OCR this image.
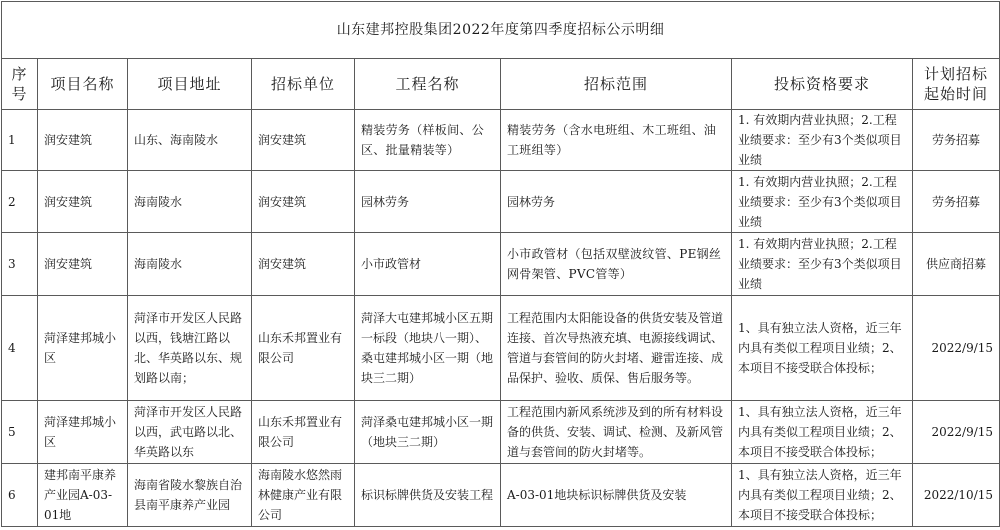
山东建邦控股集团2022年度第四季度招标公示明细							
序号	项目名称	项目地址	招标单位	工程名称	招标范围	投标资格要求	计划招标起始时间
1	润安建筑	山东、海南陵水	润安建筑	精装劳务（样板间、公区、批量精装等）	精装劳务（含水电班组、木工班组、油工班组等）	1. 有效期内营业执照；2.工程业绩要求：至少有3个类似项目业绩	劳务招募
2	润安建筑	海南陵水	润安建筑	园林劳务	园林劳务	1. 有效期内营业执照；2.工程业绩要求：至少有3个类似项目业绩	劳务招募
3	润安建筑	海南陵水	润安建筑	小市政管材	小市政管材（包括双壁波纹管、PE钢丝网骨架管、PVC管等）	1. 有效期内营业执照；2.工程业绩要求：至少有3个类似项目业绩	供应商招募
4	菏泽建邦城小区	菏泽市开发区人民路以西，钱塘江路以北、华英路以东、规划路以南；	山东禾邦置业有限公司	菏泽大屯建邦城小区五期一标段（地块八一期）、桑屯建邦城小区一期（地块三二期）	工程范围内太阳能设备的供货安装及管道连接、首次导热液充填、电源接线调试、管道与套管间的防火封堵、避雷连接、成品保护、验收、质保、售后服务等。	1、具有独立法人资格，近三年内具有类似工程项目业绩；2、本项目不接受联合体投标；	2022/9/15
5	菏泽建邦城小区	菏泽市开发区人民路以西，武屯路以北、华英路以东	山东禾邦置业有限公司	菏泽桑屯建邦城小区一期（地块三二期）	工程范围内新风系统涉及到的所有材料设备的供货、安装、调试、检测、及新风管道与套管间的防火封堵等。	1、具有独立法人资格，近三年内具有类似工程项目业绩；2、本项目不接受联合体投标；	2022/9/15
6	建邦南平康养产业园A-03-01地	海南省陵水黎族自治县南平康养产业园	海南陵水悠然雨林健康产业有限公司	标识标牌供货及安装工程	A-03-01地块标识标牌供货及安装	1、具有独立法人资格，近三年内具有类似工程项目业绩；2、本项目不接受联合体投标；	2022/10/15
